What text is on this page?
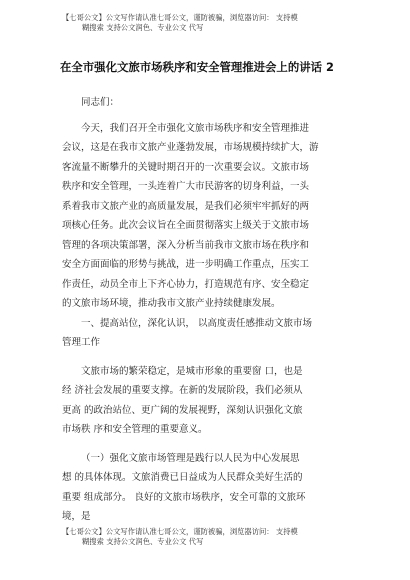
【七哥公文】公文写作请认准七哥公文，谨防被骗，浏览器访问： 支持模
糊搜索 支持公文润色、专业公文 代写
在全市强化文旅市场秩序和安全管理推进会上的讲话 2
同志们：
今天，我们召开全市强化文旅市场秩序和安全管理推进
会议，这是在我市文旅产业蓬勃发展，市场规模持续扩大，游
客流量不断攀升的关键时期召开的一次重要会议。文旅市场
秩序和安全管理，一头连着广大市民游客的切身利益，一头
系着我市文旅产业的高质量发展，是我们必须牢牢抓好的两
项核心任务。此次会议旨在全面贯彻落实上级关于文旅市场
管理的各项决策部署，深入分析当前我市文旅市场在秩序和
安全方面面临的形势与挑战，进一步明确工作重点，压实工
作责任，动员全市上下齐心协力，打造规范有序、安全稳定
的文旅市场环境，推动我市文旅产业持续健康发展。
一、提高站位，深化认识， 以高度责任感推动文旅市场
管理工作
文旅市场的繁荣稳定，是城市形象的重要窗 口，也是
经 济社会发展的重要支撑。在新的发展阶段，我们必须从
更高 的政治站位、更广阔的发展视野，深刻认识强化文旅
市场秩 序和安全管理的重要意义。
（一）强化文旅市场管理是践行以人民为中心发展思
想 的具体体现。文旅消费已日益成为人民群众美好生活的
重要 组成部分。 良好的文旅市场秩序，安全可靠的文旅环
境，是
【七哥公文】公文写作请认准七哥公文，谨防被骗，浏览器访问： 支持模
糊搜索 支持公文润色、专业公文 代写
